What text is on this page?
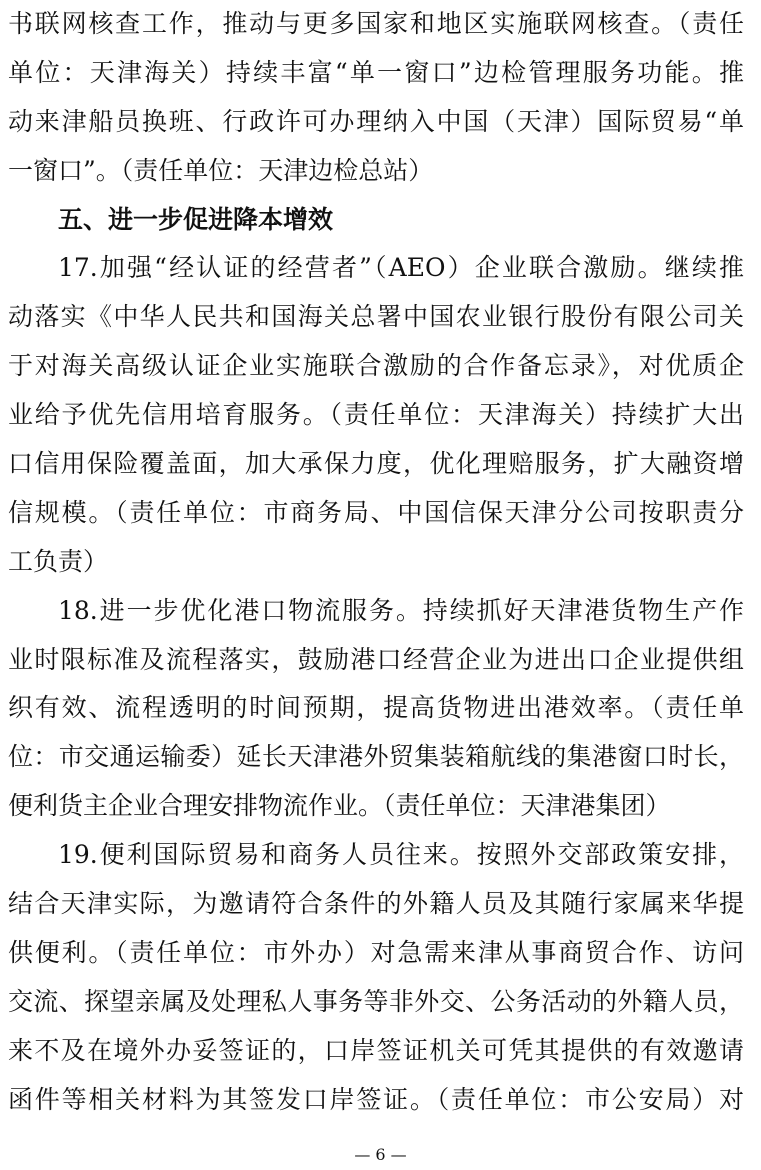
书联网核查工作，推动与更多国家和地区实施联网核查。（责任
单位：天津海关）持续丰富“单一窗口”边检管理服务功能。推
动来津船员换班、行政许可办理纳入中国（天津）国际贸易“单
一窗口”。（责任单位：天津边检总站）
五、进一步促进降本增效
17.加强“经认证的经营者”（AEO）企业联合激励。继续推
动落实《中华人民共和国海关总署中国农业银行股份有限公司关
于对海关高级认证企业实施联合激励的合作备忘录》，对优质企
业给予优先信用培育服务。（责任单位：天津海关）持续扩大出
口信用保险覆盖面，加大承保力度，优化理赔服务，扩大融资增
信规模。（责任单位：市商务局、中国信保天津分公司按职责分
工负责）
18.进一步优化港口物流服务。持续抓好天津港货物生产作
业时限标准及流程落实，鼓励港口经营企业为进出口企业提供组
织有效、流程透明的时间预期，提高货物进出港效率。（责任单
位：市交通运输委）延长天津港外贸集装箱航线的集港窗口时长，
便利货主企业合理安排物流作业。（责任单位：天津港集团）
19.便利国际贸易和商务人员往来。按照外交部政策安排，
结合天津实际，为邀请符合条件的外籍人员及其随行家属来华提
供便利。（责任单位：市外办）对急需来津从事商贸合作、访问
交流、探望亲属及处理私人事务等非外交、公务活动的外籍人员，
来不及在境外办妥签证的，口岸签证机关可凭其提供的有效邀请
函件等相关材料为其签发口岸签证。（责任单位：市公安局）对
— 6 —
